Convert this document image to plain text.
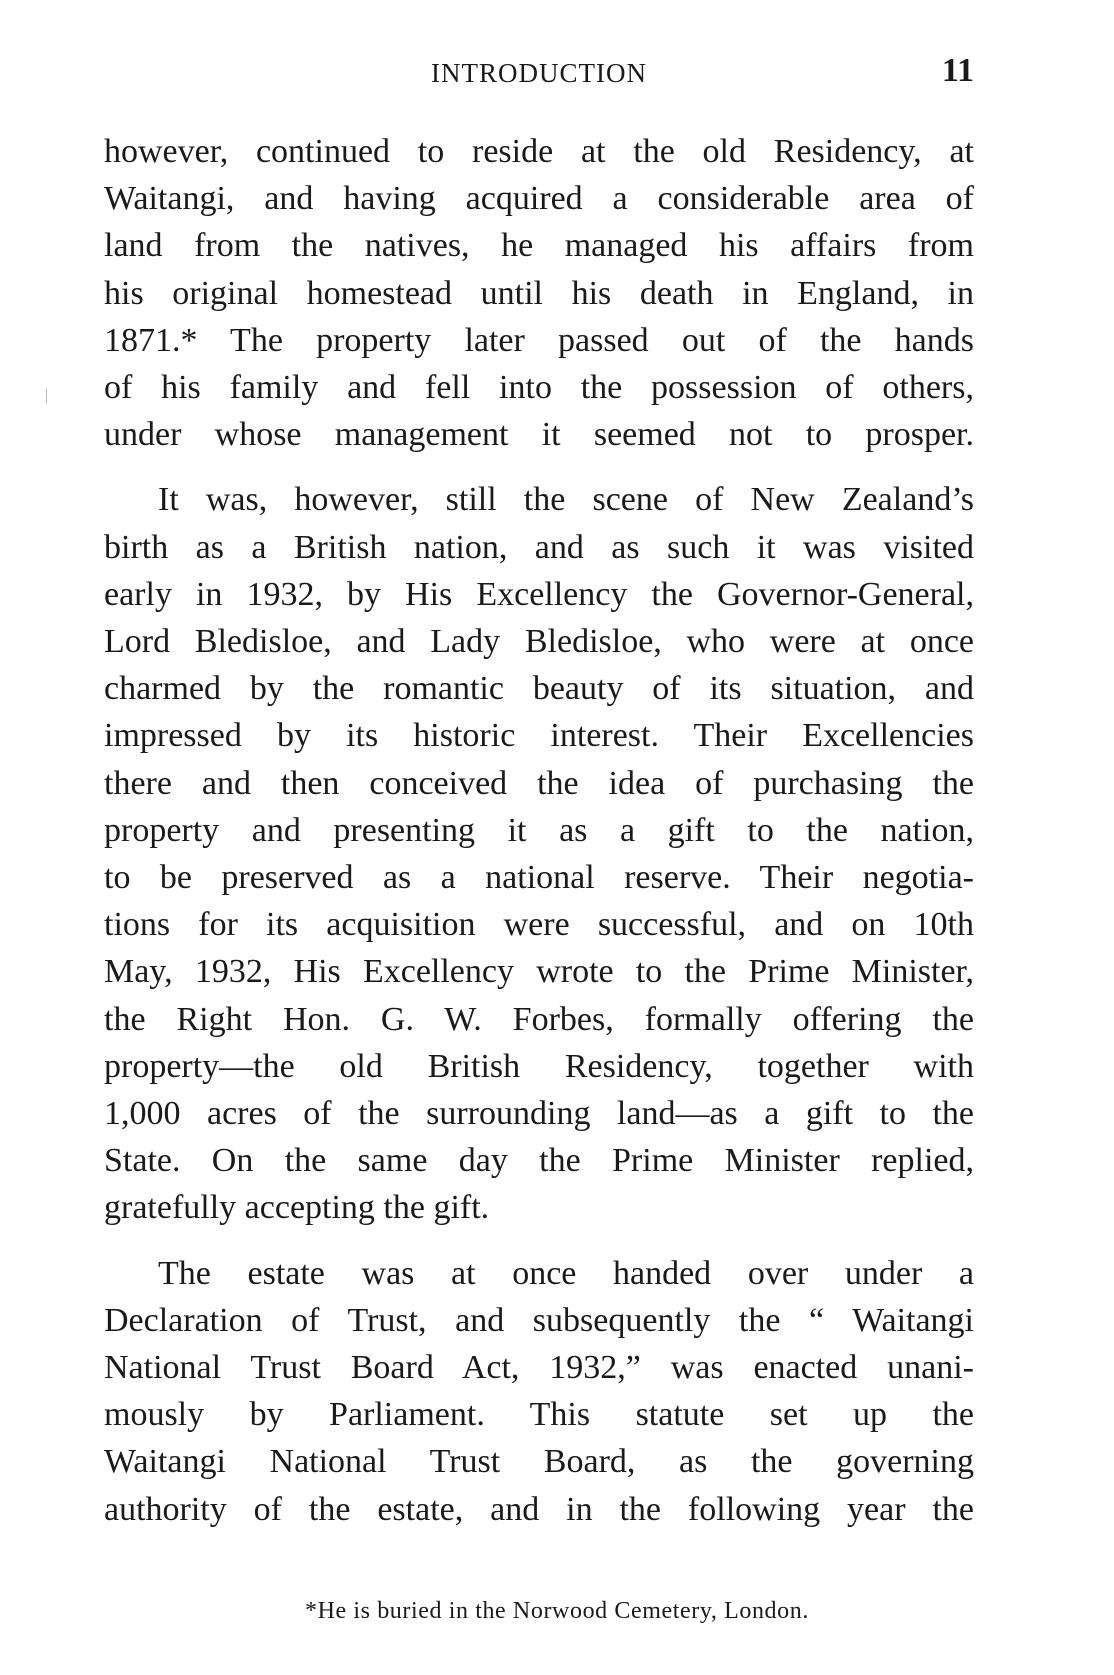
INTRODUCTION	11

however, continued to reside at the old Residency, at
Waitangi, and having acquired a considerable area of
land from the natives, he managed his affairs from
his original homestead until his death in England, in
1871.* The property later passed out of the hands
of his family and fell into the possession of others,
under whose management it seemed not to prosper.

It was, however, still the scene of New Zealand’s
birth as a British nation, and as such it was visited
early in 1932, by His Excellency the Governor-General,
Lord Bledisloe, and Lady Bledisloe, who were at once
charmed by the romantic beauty of its situation, and
impressed by its historic interest. Their Excellencies
there and then conceived the idea of purchasing the
property and presenting it as a gift to the nation,
to be preserved as a national reserve. Their negotia-
tions for its acquisition were successful, and on 10th
May, 1932, His Excellency wrote to the Prime Minister,
the Right Hon. G. W. Forbes, formally offering the
property—the old British Residency, together with
1,000 acres of the surrounding land—as a gift to the
State. On the same day the Prime Minister replied,
gratefully accepting the gift.

The estate was at once handed over under a
Declaration of Trust, and subsequently the “ Waitangi
National Trust Board Act, 1932,” was enacted unani-
mously by Parliament. This statute set up the
Waitangi National Trust Board, as the governing
authority of the estate, and in the following year the

*He is buried in the Norwood Cemetery, London.
